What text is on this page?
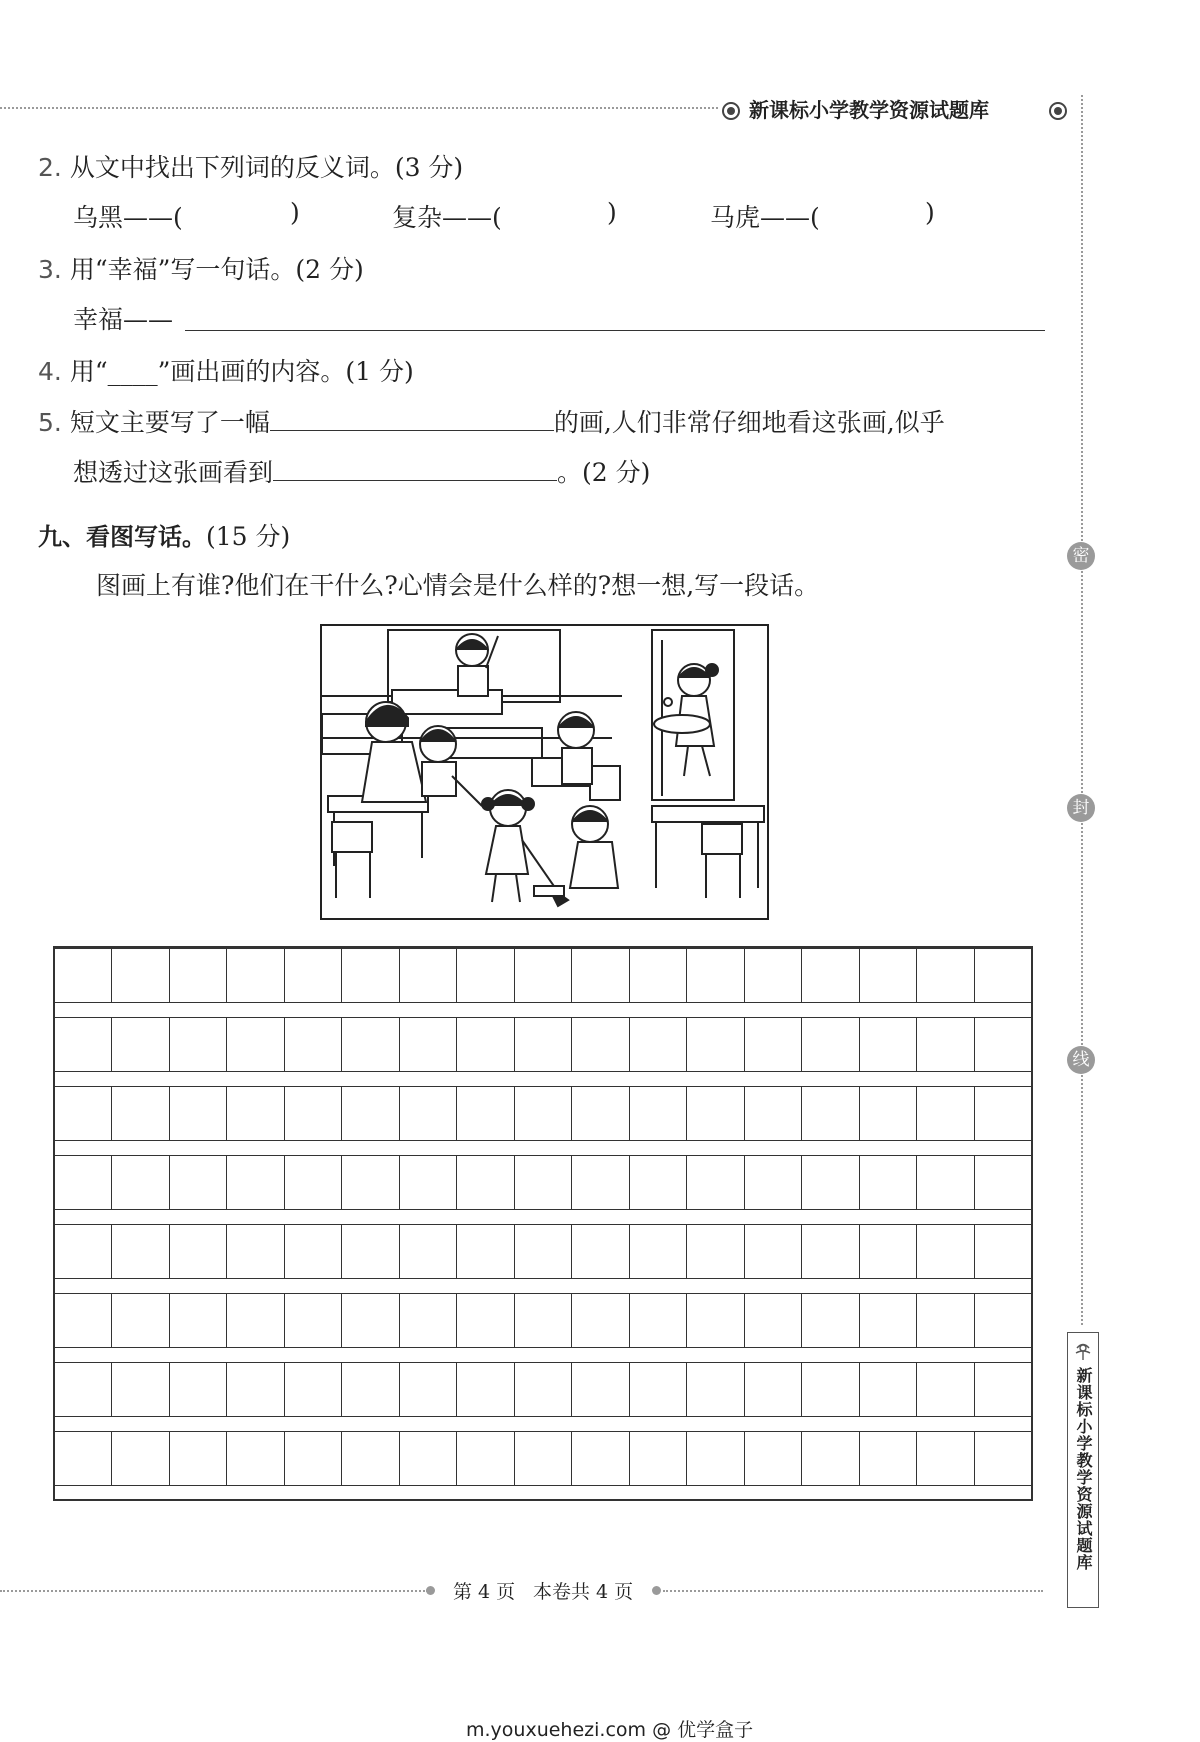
新课标小学教学资源试题库
2. 从文中找出下列词的反义词。(3 分)
乌黑——(	)	复杂——(	)	马虎——(	)
3. 用“幸福”写一句话。(2 分)
幸福——
4. 用“____”画出画的内容。(1 分)
5. 短文主要写了一幅	的画,人们非常仔细地看这张画,似乎
想透过这张画看到	。(2 分)
九、看图写话。(15 分)
图画上有谁?他们在干什么?心情会是什么样的?想一想,写一段话。
密
封
线
新课标小学教学资源试题库
第 4 页 本卷共 4 页
m.youxuehezi.com @ 优学盒子
